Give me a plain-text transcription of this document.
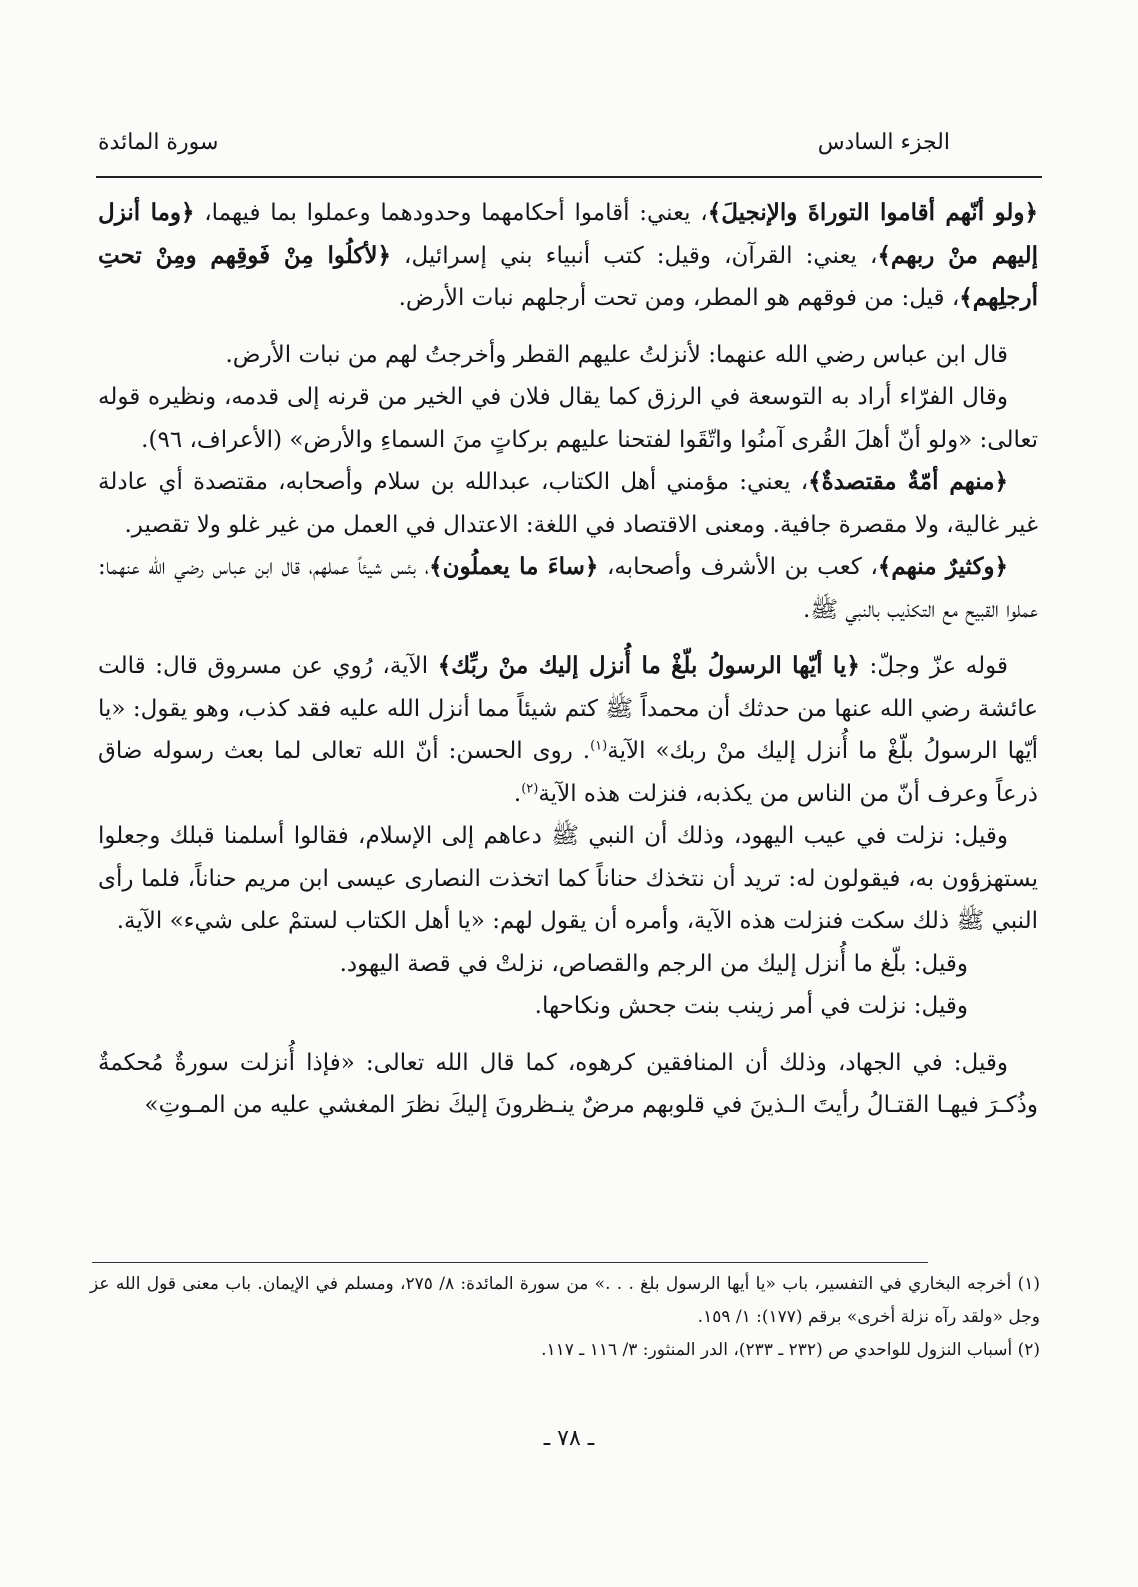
الجزء السادس
سورة المائدة

﴿ولو أنّهم أقاموا التوراةَ والإنجيلَ﴾، يعني: أقاموا أحكامهما وحدودهما وعملوا بما فيهما، ﴿وما أنزل إليهم منْ ربهم﴾، يعني: القرآن، وقيل: كتب أنبياء بني إسرائيل، ﴿لأكلُوا مِنْ فَوقِهم ومِنْ تحتِ أرجلِهم﴾، قيل: من فوقهم هو المطر، ومن تحت أرجلهم نبات الأرض.

قال ابن عباس رضي الله عنهما: لأنزلتُ عليهم القطر وأخرجتُ لهم من نبات الأرض.

وقال الفرّاء أراد به التوسعة في الرزق كما يقال فلان في الخير من قرنه إلى قدمه، ونظيره قوله تعالى: «ولو أنّ أهلَ القُرى آمنُوا واتّقَوا لفتحنا عليهم بركاتٍ منَ السماءِ والأرض» (الأعراف، ٩٦).

﴿منهم أمّةٌ مقتصدةٌ﴾، يعني: مؤمني أهل الكتاب، عبدالله بن سلام وأصحابه، مقتصدة أي عادلة غير غالية، ولا مقصرة جافية. ومعنى الاقتصاد في اللغة: الاعتدال في العمل من غير غلو ولا تقصير.

﴿وكثيرٌ منهم﴾، كعب بن الأشرف وأصحابه، ﴿ساءَ ما يعملُون﴾، بئس شيئاً عملهم، قال ابن عباس رضي الله عنهما: عملوا القبيح مع التكذيب بالنبي ﷺ.

قوله عزّ وجلّ: ﴿يا أيّها الرسولُ بلّغْ ما أُنزل إليك منْ ربِّك﴾ الآية، رُوي عن مسروق قال: قالت عائشة رضي الله عنها من حدثك أن محمداً ﷺ كتم شيئاً مما أنزل الله عليه فقد كذب، وهو يقول: «يا أيّها الرسولُ بلّغْ ما أُنزل إليك منْ ربك» الآية$^{(١)}$. روى الحسن: أنّ الله تعالى لما بعث رسوله ضاق ذرعاً وعرف أنّ من الناس من يكذبه، فنزلت هذه الآية$^{(٢)}$.

وقيل: نزلت في عيب اليهود، وذلك أن النبي ﷺ دعاهم إلى الإسلام، فقالوا أسلمنا قبلك وجعلوا يستهزؤون به، فيقولون له: تريد أن نتخذك حناناً كما اتخذت النصارى عيسى ابن مريم حناناً، فلما رأى النبي ﷺ ذلك سكت فنزلت هذه الآية، وأمره أن يقول لهم: «يا أهل الكتاب لستمْ على شيء» الآية.

وقيل: بلّغ ما أُنزل إليك من الرجم والقصاص، نزلتْ في قصة اليهود.

وقيل: نزلت في أمر زينب بنت جحش ونكاحها.

وقيل: في الجهاد، وذلك أن المنافقين كرهوه، كما قال الله تعالى: «فإذا أُنزلت سورةٌ مُحكمةٌ وذُكـرَ فيهـا القتـالُ رأيتَ الـذينَ في قلوبهم مرضٌ ينـظرونَ إليكَ نظرَ المغشي عليه من المـوتِ»

(١) أخرجه البخاري في التفسير، باب «يا أيها الرسول بلغ . . .» من سورة المائدة: ٨/ ٢٧٥، ومسلم في الإيمان. باب معنى قول الله عز وجل «ولقد رآه نزلة أخرى» برقم (١٧٧): ١/ ١٥٩.

(٢) أسباب النزول للواحدي ص (٢٣٢ ـ ٢٣٣)، الدر المنثور: ٣/ ١١٦ ـ ١١٧.

ـ ٧٨ ـ
